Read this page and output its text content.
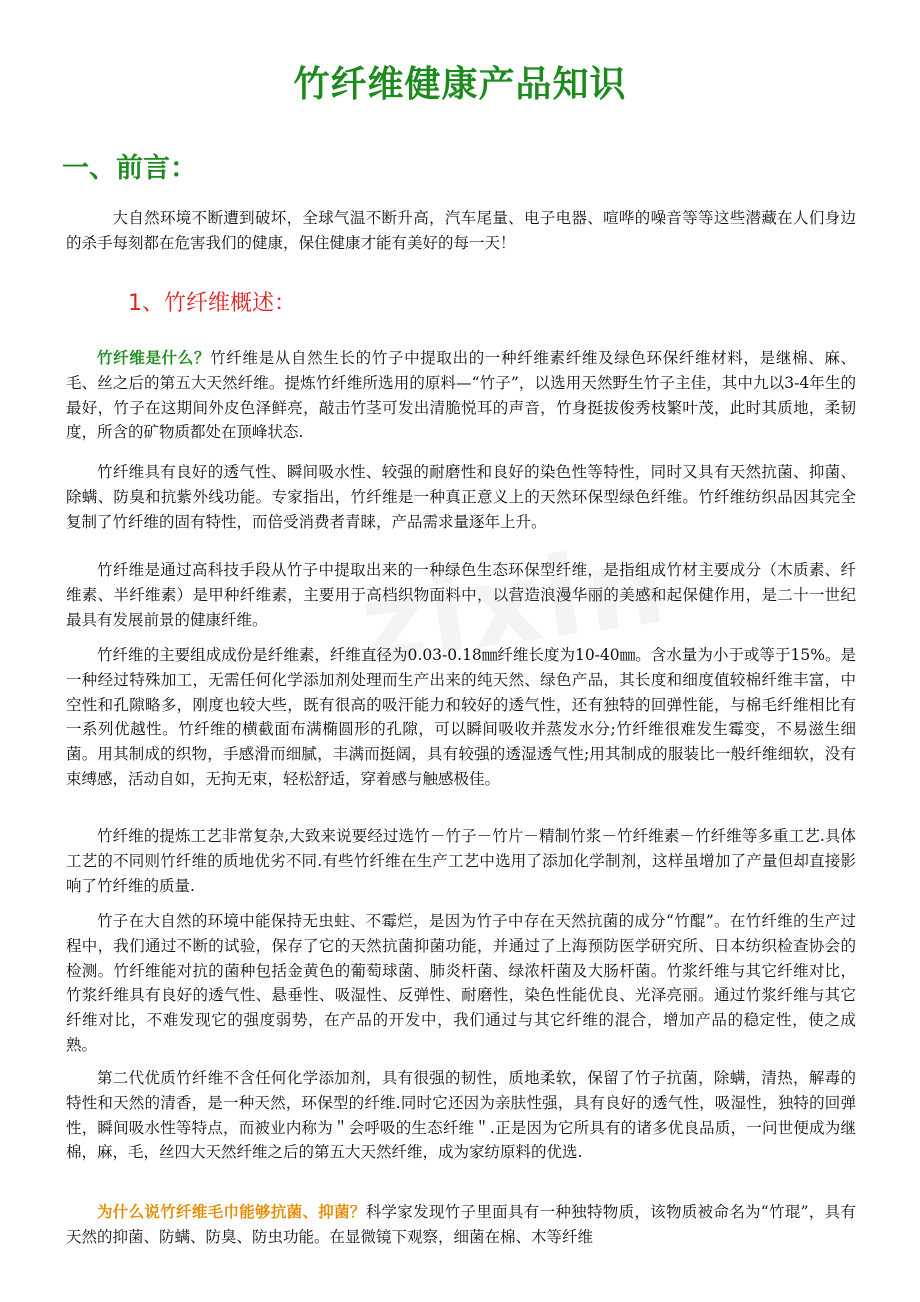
竹纤维健康产品知识
一、前言：

大自然环境不断遭到破坏，全球气温不断升高，汽车尾量、电子电器、喧哗的噪音等等这些潜藏在人们身边的杀手每刻都在危害我们的健康，保住健康才能有美好的每一天！

1、竹纤维概述：

竹纤维是什么？竹纤维是从自然生长的竹子中提取出的一种纤维素纤维及绿色环保纤维材料，是继棉、麻、毛、丝之后的第五大天然纤维。提炼竹纤维所选用的原料—“竹子”，以选用天然野生竹子主佳，其中九以3-4年生的最好，竹子在这期间外皮色泽鲜亮，敲击竹茎可发出清脆悦耳的声音，竹身挺拔俊秀枝繁叶茂，此时其质地，柔韧度，所含的矿物质都处在顶峰状态.

竹纤维具有良好的透气性、瞬间吸水性、较强的耐磨性和良好的染色性等特性，同时又具有天然抗菌、抑菌、除螨、防臭和抗紫外线功能。专家指出，竹纤维是一种真正意义上的天然环保型绿色纤维。竹纤维纺织品因其完全复制了竹纤维的固有特性，而倍受消费者青睐，产品需求量逐年上升。

竹纤维是通过高科技手段从竹子中提取出来的一种绿色生态环保型纤维，是指组成竹材主要成分（木质素、纤维素、半纤维素）是甲种纤维素，主要用于高档织物面料中，以营造浪漫华丽的美感和起保健作用，是二十一世纪最具有发展前景的健康纤维。

竹纤维的主要组成成份是纤维素，纤维直径为0.03-0.18㎜纤维长度为10-40㎜。含水量为小于或等于15%。是一种经过特殊加工，无需任何化学添加剂处理而生产出来的纯天然、绿色产品，其长度和细度值较棉纤维丰富，中空性和孔隙略多，刚度也较大些，既有很高的吸汗能力和较好的透气性，还有独特的回弹性能，与棉毛纤维相比有一系列优越性。竹纤维的横截面布满椭圆形的孔隙，可以瞬间吸收并蒸发水分;竹纤维很难发生霉变，不易滋生细菌。用其制成的织物，手感滑而细腻，丰满而挺阔，具有较强的透湿透气性;用其制成的服装比一般纤维细软，没有束缚感，活动自如，无拘无束，轻松舒适，穿着感与触感极佳。

竹纤维的提炼工艺非常复杂,大致来说要经过选竹－竹子－竹片－精制竹浆－竹纤维素－竹纤维等多重工艺.具体工艺的不同则竹纤维的质地优劣不同.有些竹纤维在生产工艺中选用了添加化学制剂，这样虽增加了产量但却直接影响了竹纤维的质量.

竹子在大自然的环境中能保持无虫蛀、不霉烂，是因为竹子中存在天然抗菌的成分“竹醌”。在竹纤维的生产过程中，我们通过不断的试验，保存了它的天然抗菌抑菌功能，并通过了上海预防医学研究所、日本纺织检查协会的检测。竹纤维能对抗的菌种包括金黄色的葡萄球菌、肺炎杆菌、绿浓杆菌及大肠杆菌。竹浆纤维与其它纤维对比，竹浆纤维具有良好的透气性、悬垂性、吸湿性、反弹性、耐磨性，染色性能优良、光泽亮丽。通过竹浆纤维与其它纤维对比，不难发现它的强度弱势，在产品的开发中，我们通过与其它纤维的混合，增加产品的稳定性，使之成熟。

第二代优质竹纤维不含任何化学添加剂，具有很强的韧性，质地柔软，保留了竹子抗菌，除螨，清热，解毒的特性和天然的清香，是一种天然，环保型的纤维.同时它还因为亲肤性强，具有良好的透气性，吸湿性，独特的回弹性，瞬间吸水性等特点，而被业内称为＂会呼吸的生态纤维＂.正是因为它所具有的诸多优良品质，一问世便成为继棉，麻，毛，丝四大天然纤维之后的第五大天然纤维，成为家纺原料的优选.

为什么说竹纤维毛巾能够抗菌、抑菌？科学家发现竹子里面具有一种独特物质，该物质被命名为“竹琨”，具有天然的抑菌、防螨、防臭、防虫功能。在显微镜下观察，细菌在棉、木等纤维
